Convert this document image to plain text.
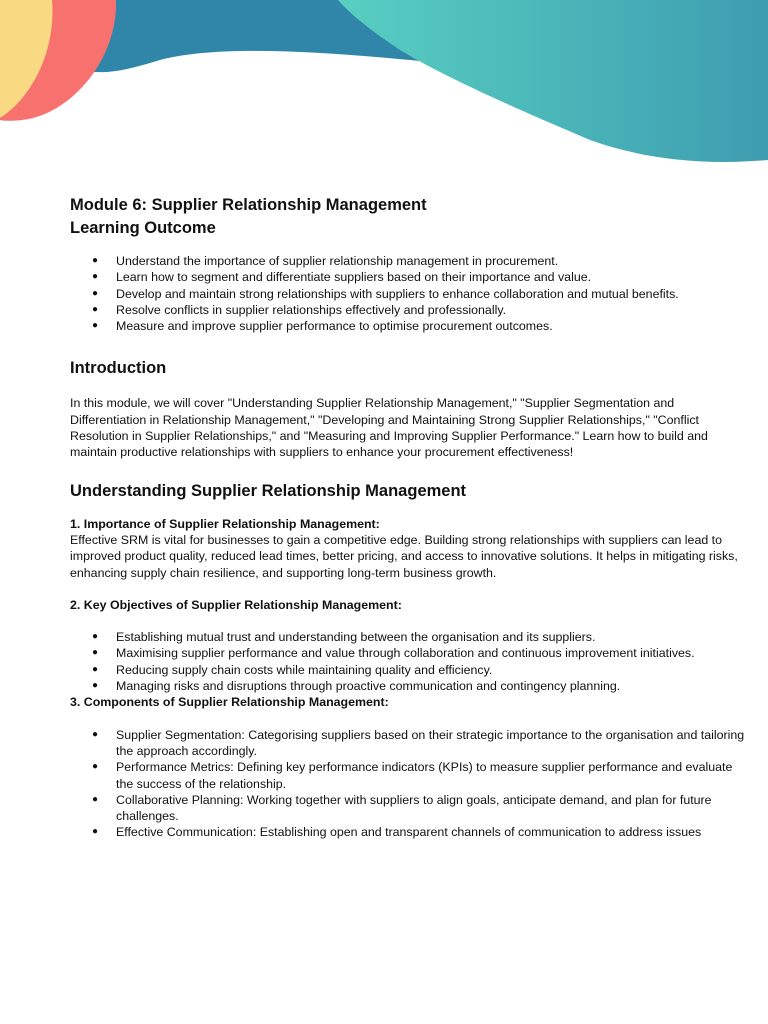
Module 6: Supplier Relationship Management
Learning Outcome
● Understand the importance of supplier relationship management in procurement.
● Learn how to segment and differentiate suppliers based on their importance and value.
● Develop and maintain strong relationships with suppliers to enhance collaboration and mutual benefits.
● Resolve conflicts in supplier relationships effectively and professionally.
● Measure and improve supplier performance to optimise procurement outcomes.
Introduction

In this module, we will cover "Understanding Supplier Relationship Management," "Supplier Segmentation and Differentiation in Relationship Management," "Developing and Maintaining Strong Supplier Relationships," "Conflict Resolution in Supplier Relationships," and "Measuring and Improving Supplier Performance." Learn how to build and maintain productive relationships with suppliers to enhance your procurement effectiveness!

Understanding Supplier Relationship Management

1. Importance of Supplier Relationship Management:

Effective SRM is vital for businesses to gain a competitive edge. Building strong relationships with suppliers can lead to improved product quality, reduced lead times, better pricing, and access to innovative solutions. It helps in mitigating risks, enhancing supply chain resilience, and supporting long-term business growth.

2. Key Objectives of Supplier Relationship Management:

● Establishing mutual trust and understanding between the organisation and its suppliers.
● Maximising supplier performance and value through collaboration and continuous improvement initiatives.
● Reducing supply chain costs while maintaining quality and efficiency.
● Managing risks and disruptions through proactive communication and contingency planning.

3. Components of Supplier Relationship Management:

● Supplier Segmentation: Categorising suppliers based on their strategic importance to the organisation and tailoring the approach accordingly.
● Performance Metrics: Defining key performance indicators (KPIs) to measure supplier performance and evaluate the success of the relationship.
● Collaborative Planning: Working together with suppliers to align goals, anticipate demand, and plan for future challenges.
● Effective Communication: Establishing open and transparent channels of communication to address issues
